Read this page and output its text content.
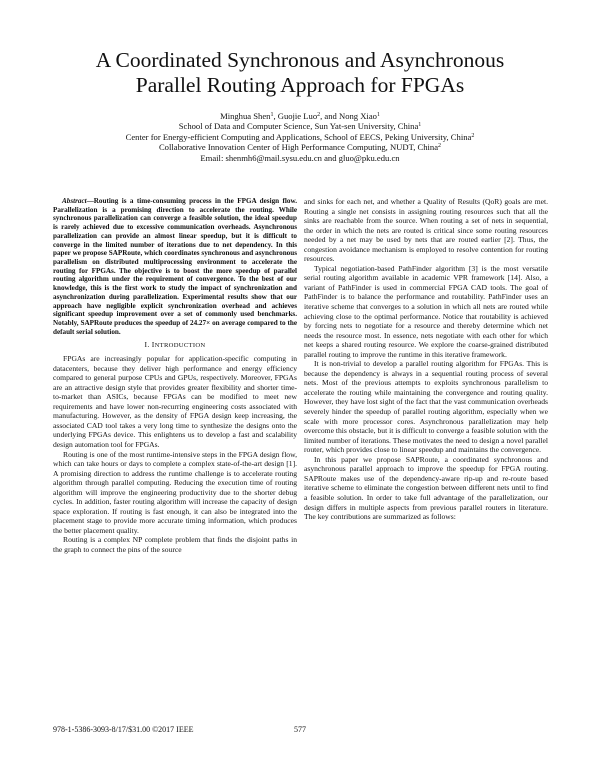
A Coordinated Synchronous and Asynchronous
Parallel Routing Approach for FPGAs
Minghua Shen$^1$, Guojie Luo$^2$, and Nong Xiao$^1$
School of Data and Computer Science, Sun Yat-sen University, China$^1$
Center for Energy-efficient Computing and Applications, School of EECS, Peking University, China$^2$
Collaborative Innovation Center of High Performance Computing, NUDT, China$^2$
Email: shenmh6@mail.sysu.edu.cn and gluo@pku.edu.cn

Abstract—Routing is a time-consuming process in the FPGA design flow. Parallelization is a promising direction to accelerate the routing. While synchronous parallelization can converge a feasible solution, the ideal speedup is rarely achieved due to excessive communication overheads. Asynchronous parallelization can provide an almost linear speedup, but it is difficult to converge in the limited number of iterations due to net dependency. In this paper we propose SAPRoute, which coordinates synchronous and asynchronous parallelism on distributed multiprocessing environment to accelerate the routing for FPGAs. The objective is to boost the more speedup of parallel routing algorithm under the requirement of convergence. To the best of our knowledge, this is the first work to study the impact of synchronization and asynchronization during parallelization. Experimental results show that our approach have negligible explicit synchronization overhead and achieves significant speedup improvement over a set of commonly used benchmarks. Notably, SAPRoute produces the speedup of 24.27× on average compared to the default serial solution.

I. INTRODUCTION

FPGAs are increasingly popular for application-specific computing in datacenters, because they deliver high performance and energy efficiency compared to general purpose CPUs and GPUs, respectively. Moreover, FPGAs are an attractive design style that provides greater flexibility and shorter time-to-market than ASICs, because FPGAs can be modified to meet new requirements and have lower non-recurring engineering costs associated with manufacturing. However, as the density of FPGA design keep increasing, the associated CAD tool takes a very long time to synthesize the designs onto the underlying FPGAs device. This enlightens us to develop a fast and scalability design automation tool for FPGAs.

Routing is one of the most runtime-intensive steps in the FPGA design flow, which can take hours or days to complete a complex state-of-the-art design [1]. A promising direction to address the runtime challenge is to accelerate routing algorithm through parallel computing. Reducing the execution time of routing algorithm will improve the engineering productivity due to the shorter debug cycles. In addition, faster routing algorithm will increase the capacity of design space exploration. If routing is fast enough, it can also be integrated into the placement stage to provide more accurate timing information, which produces the better placement quality.

Routing is a complex NP complete problem that finds the disjoint paths in the graph to connect the pins of the source

and sinks for each net, and whether a Quality of Results (QoR) goals are met. Routing a single net consists in assigning routing resources such that all the sinks are reachable from the source. When routing a set of nets in sequential, the order in which the nets are routed is critical since some routing resources needed by a net may be used by nets that are routed earlier [2]. Thus, the congestion avoidance mechanism is employed to resolve contention for routing resources.

Typical negotiation-based PathFinder algorithm [3] is the most versatile serial routing algorithm available in academic VPR framework [14]. Also, a variant of PathFinder is used in commercial FPGA CAD tools. The goal of PathFinder is to balance the performance and routability. PathFinder uses an iterative scheme that converges to a solution in which all nets are routed while achieving close to the optimal performance. Notice that routability is achieved by forcing nets to negotiate for a resource and thereby determine which net needs the resource most. In essence, nets negotiate with each other for which net keeps a shared routing resource. We explore the coarse-grained distributed parallel routing to improve the runtime in this iterative framework.

It is non-trivial to develop a parallel routing algorithm for FPGAs. This is because the dependency is always in a sequential routing process of several nets. Most of the previous attempts to exploits synchronous parallelism to accelerate the routing while maintaining the convergence and routing quality. However, they have lost sight of the fact that the vast communication overheads severely hinder the speedup of parallel routing algorithm, especially when we scale with more processor cores. Asynchronous parallelization may help overcome this obstacle, but it is difficult to converge a feasible solution with the limited number of iterations. These motivates the need to design a novel parallel router, which provides close to linear speedup and maintains the convergence.

In this paper we propose SAPRoute, a coordinated synchronous and asynchronous parallel approach to improve the speedup for FPGA routing. SAPRoute makes use of the dependency-aware rip-up and re-route based iterative scheme to eliminate the congestion between different nets until to find a feasible solution. In order to take full advantage of the parallelization, our design differs in multiple aspects from previous parallel routers in literature. The key contributions are summarized as follows:

978-1-5386-3093-8/17/$31.00 ©2017 IEEE	577
